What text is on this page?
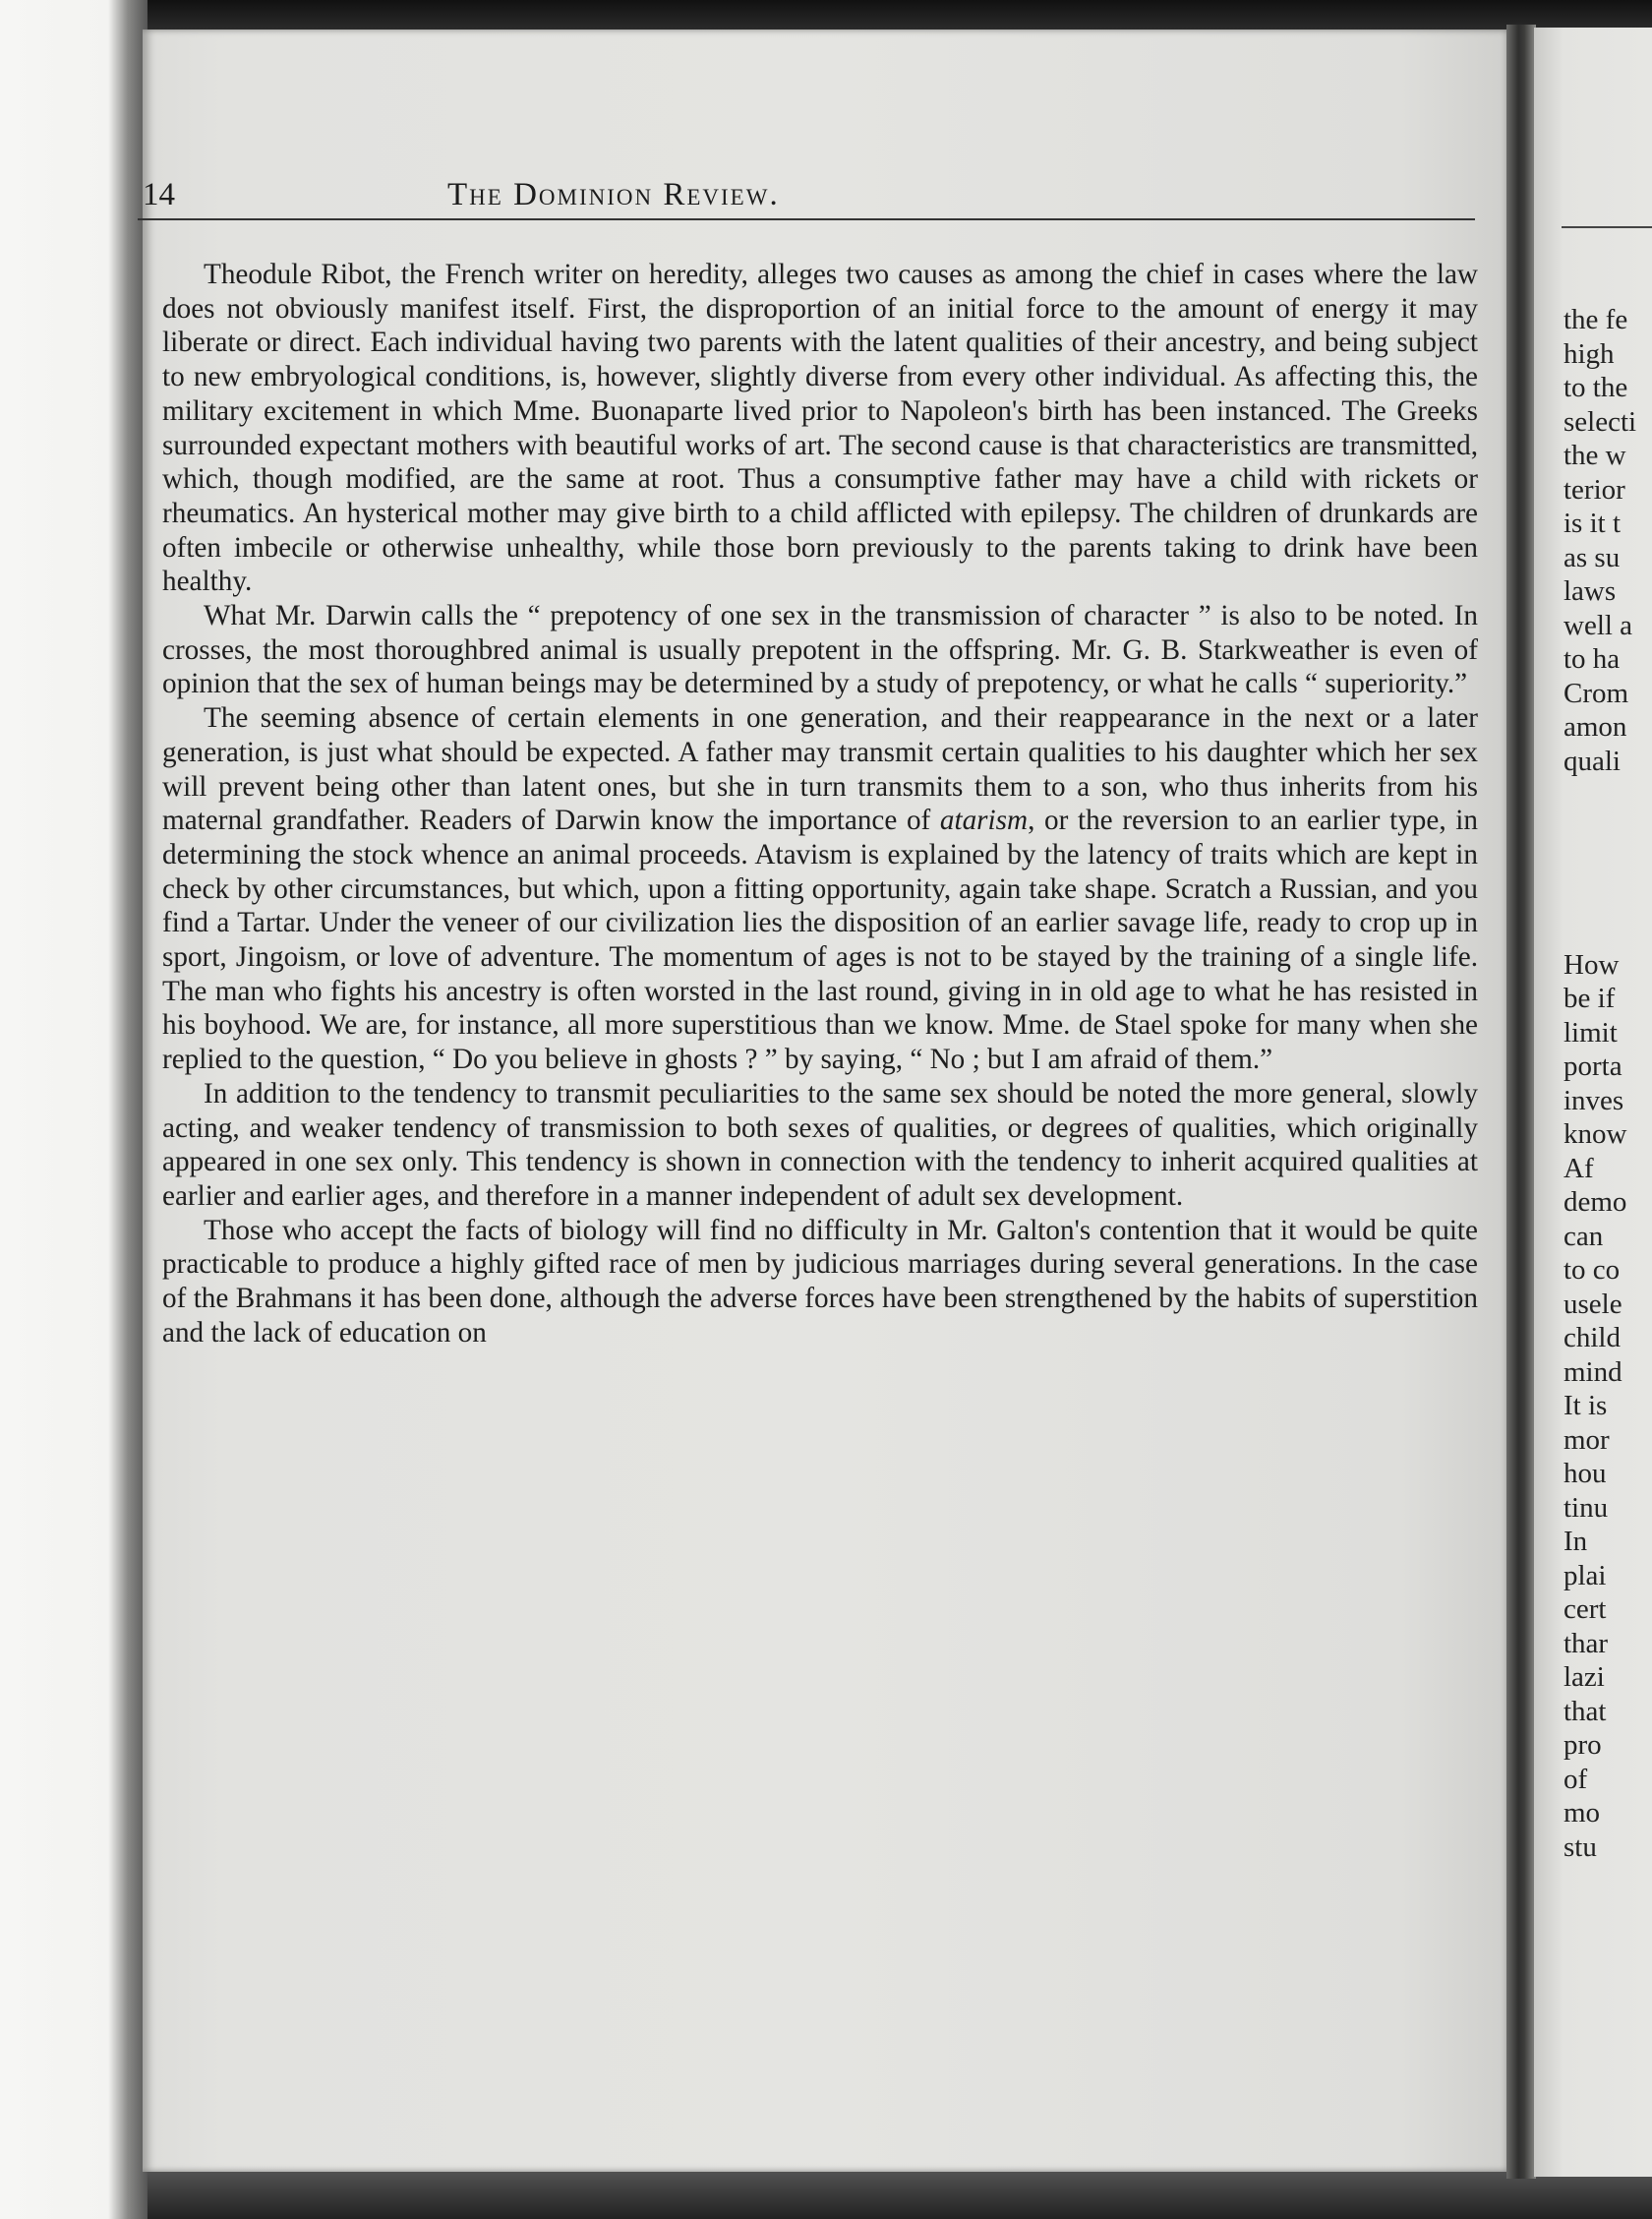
14	The Dominion Review.

Theodule Ribot, the French writer on heredity, alleges two causes as among the chief in cases where the law does not obviously manifest itself. First, the disproportion of an initial force to the amount of energy it may liberate or direct. Each individual having two parents with the latent qualities of their ancestry, and being subject to new embryological conditions, is, however, slightly diverse from every other individual. As affecting this, the military excitement in which Mme. Buonaparte lived prior to Napoleon's birth has been instanced. The Greeks surrounded expectant mothers with beautiful works of art. The second cause is that characteristics are transmitted, which, though modified, are the same at root. Thus a consumptive father may have a child with rickets or rheumatics. An hysterical mother may give birth to a child afflicted with epilepsy. The children of drunkards are often imbecile or otherwise unhealthy, while those born previously to the parents taking to drink have been healthy.

What Mr. Darwin calls the “ prepotency of one sex in the transmission of character ” is also to be noted. In crosses, the most thoroughbred animal is usually prepotent in the offspring. Mr. G. B. Starkweather is even of opinion that the sex of human beings may be determined by a study of prepotency, or what he calls “ superiority.”

The seeming absence of certain elements in one generation, and their reappearance in the next or a later generation, is just what should be expected. A father may transmit certain qualities to his daughter which her sex will prevent being other than latent ones, but she in turn transmits them to a son, who thus inherits from his maternal grandfather. Readers of Darwin know the importance of atarism, or the reversion to an earlier type, in determining the stock whence an animal proceeds. Atavism is explained by the latency of traits which are kept in check by other circumstances, but which, upon a fitting opportunity, again take shape. Scratch a Russian, and you find a Tartar. Under the veneer of our civilization lies the disposition of an earlier savage life, ready to crop up in sport, Jingoism, or love of adventure. The momentum of ages is not to be stayed by the training of a single life. The man who fights his ancestry is often worsted in the last round, giving in in old age to what he has resisted in his boyhood. We are, for instance, all more superstitious than we know. Mme. de Stael spoke for many when she replied to the question, “ Do you believe in ghosts ? ” by saying, “ No ; but I am afraid of them.”

In addition to the tendency to transmit peculiarities to the same sex should be noted the more general, slowly acting, and weaker tendency of transmission to both sexes of qualities, or degrees of qualities, which originally appeared in one sex only. This tendency is shown in connection with the tendency to inherit acquired qualities at earlier and earlier ages, and therefore in a manner independent of adult sex development.

Those who accept the facts of biology will find no difficulty in Mr. Galton's contention that it would be quite practicable to produce a highly gifted race of men by judicious marriages during several generations. In the case of the Brahmans it has been done, although the adverse forces have been strengthened by the habits of superstition and the lack of education on

the fe
high
to the
selecti
the w
terior
is it t
as su
laws
well a
to ha
Crom
amon
quali
How
be if
limit
porta
inves
know
Af
demo
can
to co
usele
child
mind
It is
mor
hou
tinu
In
plai
cert
thar
lazi
that
pro
of
mo
stu
